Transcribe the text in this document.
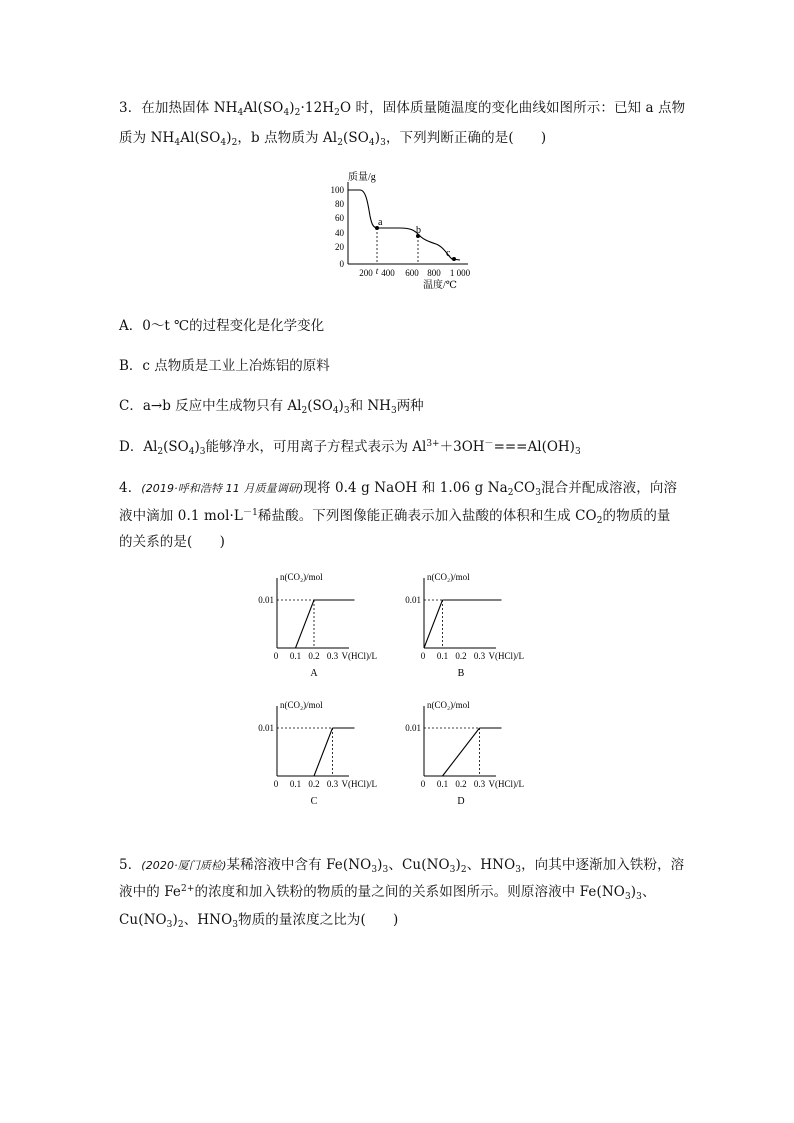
3．在加热固体 $NH_4Al(SO_4)_2\cdot 12H_2O$ 时，固体质量随温度的变化曲线如图所示：已知 a 点物
质为 $NH_4Al(SO_4)_2$，b 点物质为 $Al_2(SO_4)_3$，下列判断正确的是(　　)
质量/g
100
80
60
40
20
0
a
b
c
200 t 400 600 800 1 000
温度/℃
A．0～t ℃的过程变化是化学变化
B．c 点物质是工业上冶炼铝的原料
C．a→b 反应中生成物只有 $Al_2(SO_4)_3$和 $NH_3$两种
D．$Al_2(SO_4)_3$能够净水，可用离子方程式表示为 $Al^{3+}+3OH^-===Al(OH)_3$
4．(2019·呼和浩特 11 月质量调研)现将 0.4 g NaOH 和 1.06 g $Na_2CO_3$混合并配成溶液，向溶
液中滴加 0.1 $mol\cdot L^{-1}$稀盐酸。下列图像能正确表示加入盐酸的体积和生成 $CO_2$的物质的量
的关系的是(　　)
n(CO₂)/mol
0.01
0 0.1 0.2 0.3 V(HCl)/L
A
n(CO₂)/mol
0.01
0 0.1 0.2 0.3 V(HCl)/L
B
n(CO₂)/mol
0.01
0 0.1 0.2 0.3 V(HCl)/L
C
n(CO₂)/mol
0.01
0 0.1 0.2 0.3 V(HCl)/L
D
5．(2020·厦门质检)某稀溶液中含有 $Fe(NO_3)_3$、$Cu(NO_3)_2$、$HNO_3$，向其中逐渐加入铁粉，溶
液中的 $Fe^{2+}$的浓度和加入铁粉的物质的量之间的关系如图所示。则原溶液中 $Fe(NO_3)_3$、
$Cu(NO_3)_2$、$HNO_3$物质的量浓度之比为(　　)
